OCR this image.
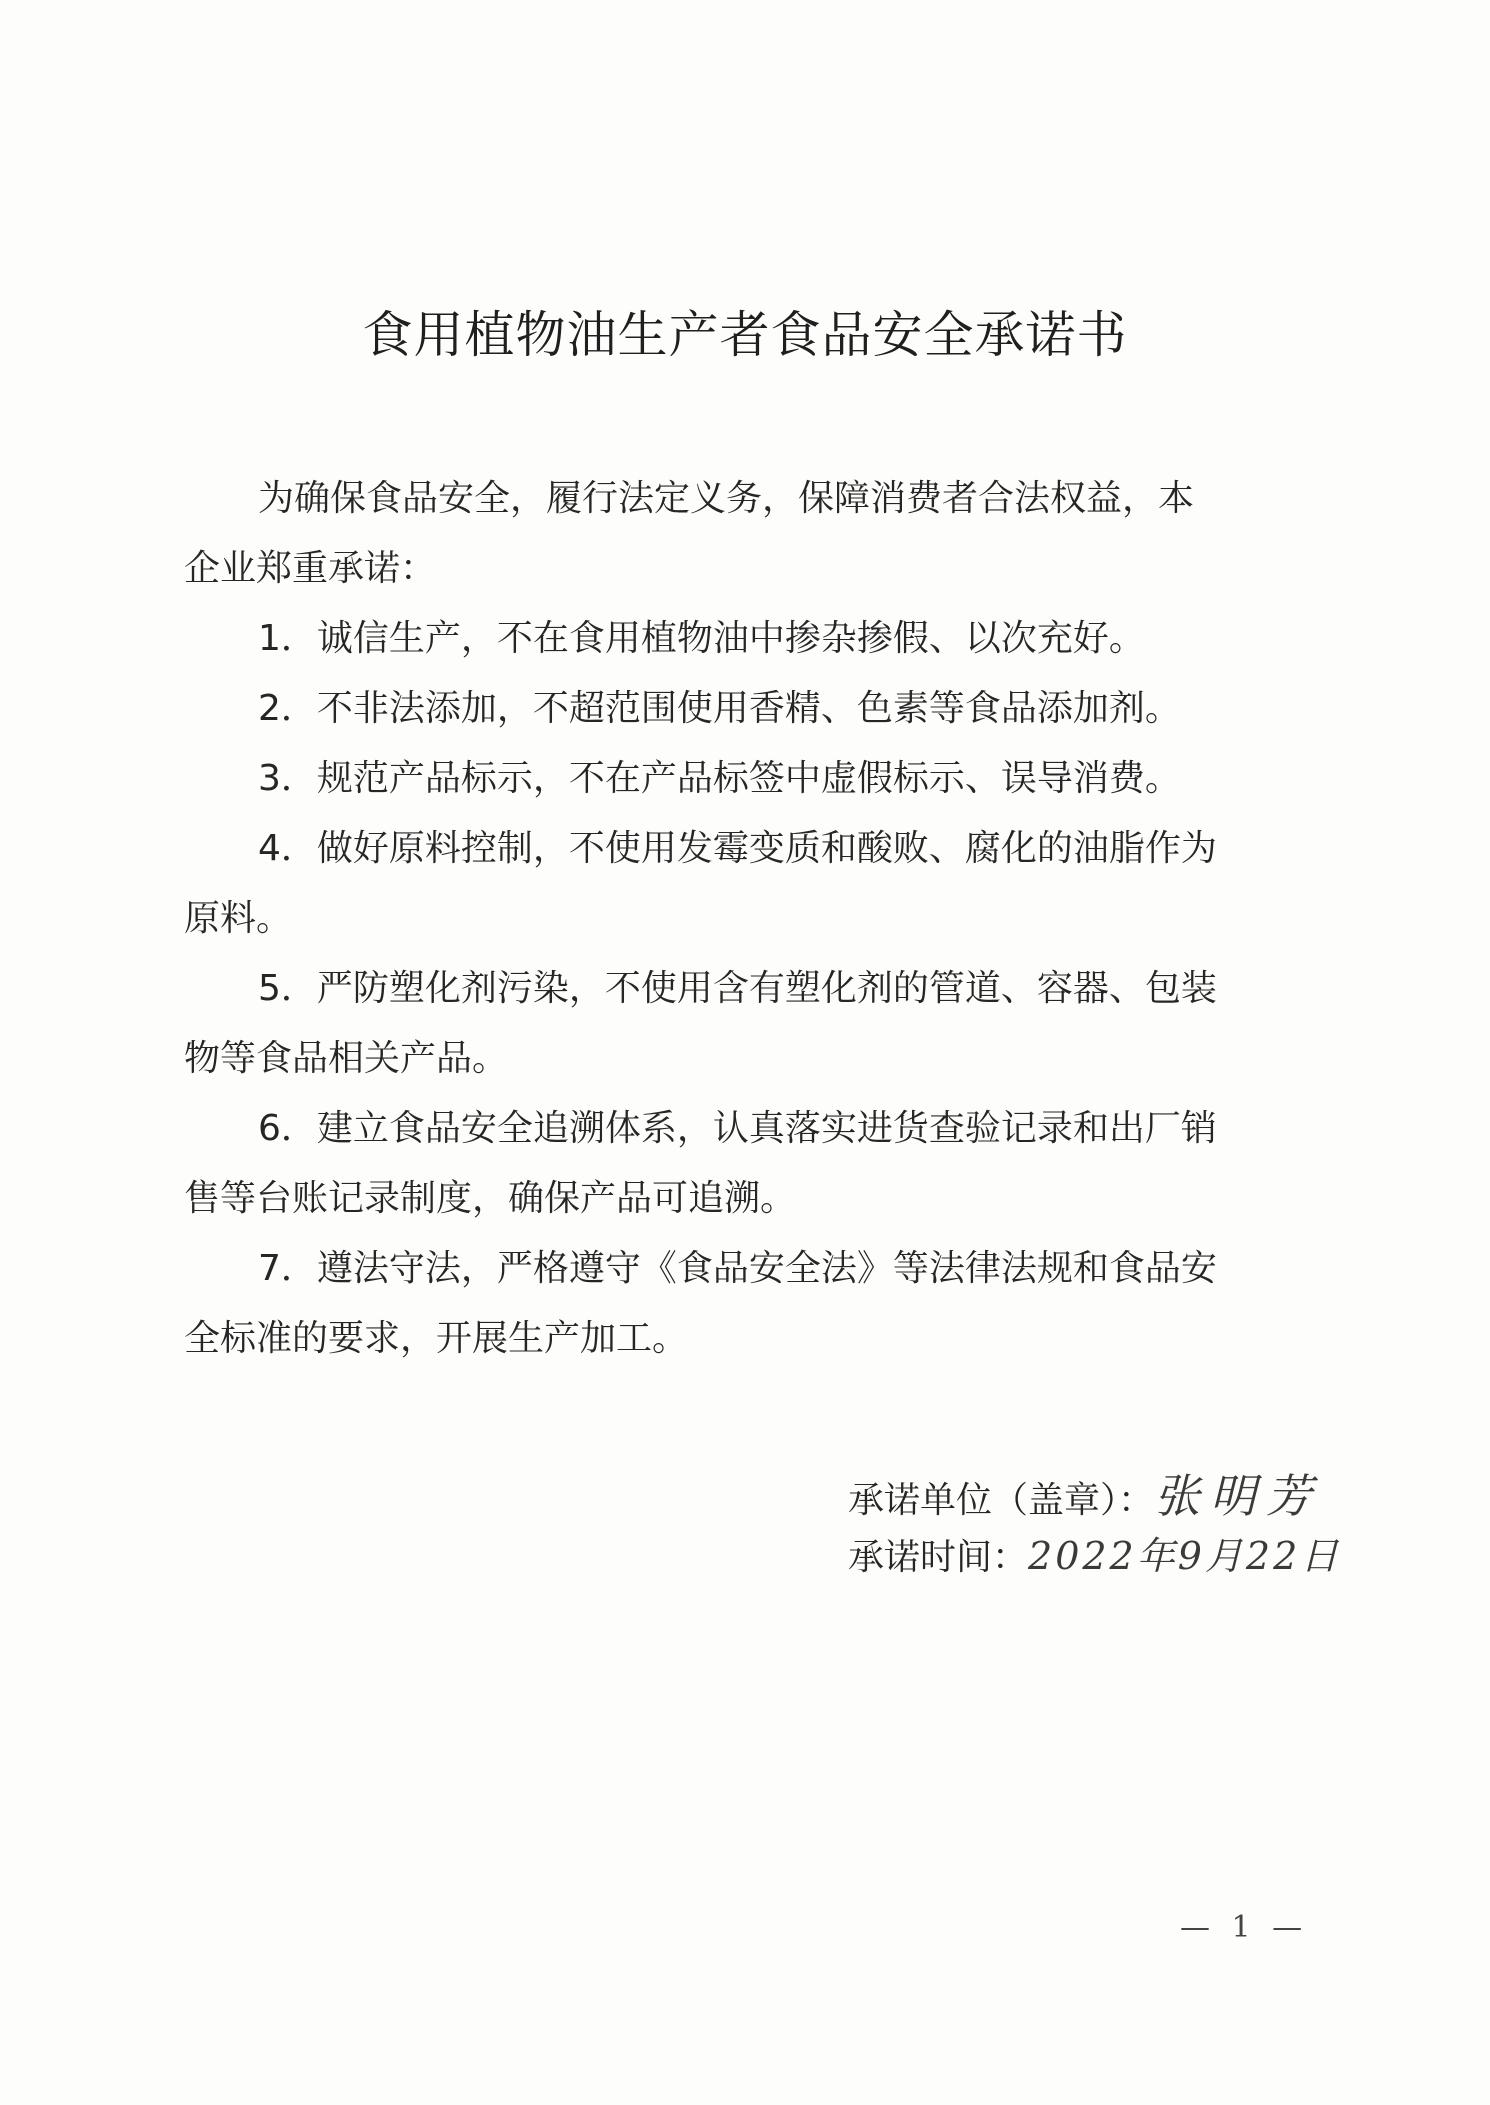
食用植物油生产者食品安全承诺书
为确保食品安全，履行法定义务，保障消费者合法权益，本
企业郑重承诺：
1．诚信生产，不在食用植物油中掺杂掺假、以次充好。
2．不非法添加，不超范围使用香精、色素等食品添加剂。
3．规范产品标示，不在产品标签中虚假标示、误导消费。
4．做好原料控制，不使用发霉变质和酸败、腐化的油脂作为
原料。
5．严防塑化剂污染，不使用含有塑化剂的管道、容器、包装
物等食品相关产品。
6．建立食品安全追溯体系，认真落实进货查验记录和出厂销
售等台账记录制度，确保产品可追溯。
7．遵法守法，严格遵守《食品安全法》等法律法规和食品安
全标准的要求，开展生产加工。
承诺单位（盖章）：张明芳
承诺时间：2022年9月22日
— 1 —
